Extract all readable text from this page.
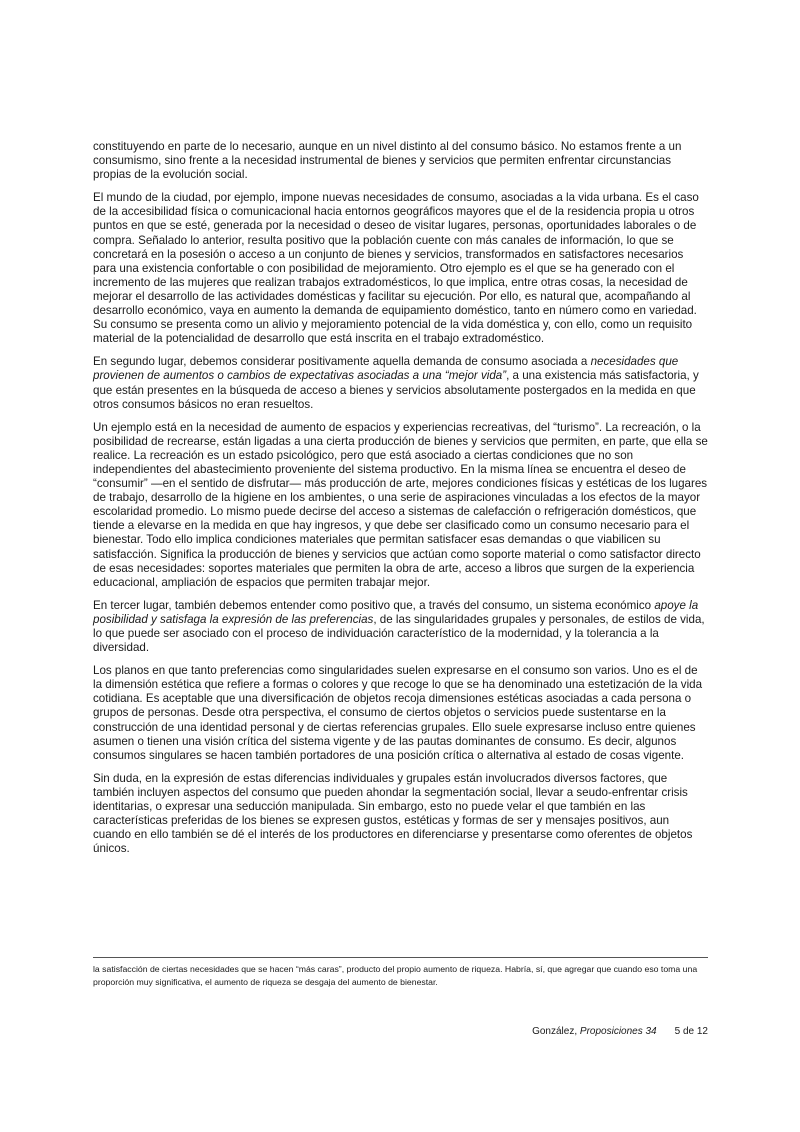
constituyendo en parte de lo necesario, aunque en un nivel distinto al del consumo básico. No estamos frente a un consumismo, sino frente a la necesidad instrumental de bienes y servicios que permiten enfrentar circunstancias propias de la evolución social.

El mundo de la ciudad, por ejemplo, impone nuevas necesidades de consumo, asociadas a la vida urbana. Es el caso de la accesibilidad física o comunicacional hacia entornos geográficos mayores que el de la residencia propia u otros puntos en que se esté, generada por la necesidad o deseo de visitar lugares, personas, oportunidades laborales o de compra. Señalado lo anterior, resulta positivo que la población cuente con más canales de información, lo que se concretará en la posesión o acceso a un conjunto de bienes y servicios, transformados en satisfactores necesarios para una existencia confortable o con posibilidad de mejoramiento. Otro ejemplo es el que se ha generado con el incremento de las mujeres que realizan trabajos extradomésticos, lo que implica, entre otras cosas, la necesidad de mejorar el desarrollo de las actividades domésticas y facilitar su ejecución. Por ello, es natural que, acompañando al desarrollo económico, vaya en aumento la demanda de equipamiento doméstico, tanto en número como en variedad. Su consumo se presenta como un alivio y mejoramiento potencial de la vida doméstica y, con ello, como un requisito material de la potencialidad de desarrollo que está inscrita en el trabajo extradoméstico.

En segundo lugar, debemos considerar positivamente aquella demanda de consumo asociada a necesidades que provienen de aumentos o cambios de expectativas asociadas a una “mejor vida”, a una existencia más satisfactoria, y que están presentes en la búsqueda de acceso a bienes y servicios absolutamente postergados en la medida en que otros consumos básicos no eran resueltos.

Un ejemplo está en la necesidad de aumento de espacios y experiencias recreativas, del “turismo”. La recreación, o la posibilidad de recrearse, están ligadas a una cierta producción de bienes y servicios que permiten, en parte, que ella se realice. La recreación es un estado psicológico, pero que está asociado a ciertas condiciones que no son independientes del abastecimiento proveniente del sistema productivo. En la misma línea se encuentra el deseo de “consumir” —en el sentido de disfrutar— más producción de arte, mejores condiciones físicas y estéticas de los lugares de trabajo, desarrollo de la higiene en los ambientes, o una serie de aspiraciones vinculadas a los efectos de la mayor escolaridad promedio. Lo mismo puede decirse del acceso a sistemas de calefacción o refrigeración domésticos, que tiende a elevarse en la medida en que hay ingresos, y que debe ser clasificado como un consumo necesario para el bienestar. Todo ello implica condiciones materiales que permitan satisfacer esas demandas o que viabilicen su satisfacción. Significa la producción de bienes y servicios que actúan como soporte material o como satisfactor directo de esas necesidades: soportes materiales que permiten la obra de arte, acceso a libros que surgen de la experiencia educacional, ampliación de espacios que permiten trabajar mejor.

En tercer lugar, también debemos entender como positivo que, a través del consumo, un sistema económico apoye la posibilidad y satisfaga la expresión de las preferencias, de las singularidades grupales y personales, de estilos de vida, lo que puede ser asociado con el proceso de individuación característico de la modernidad, y la tolerancia a la diversidad.

Los planos en que tanto preferencias como singularidades suelen expresarse en el consumo son varios. Uno es el de la dimensión estética que refiere a formas o colores y que recoge lo que se ha denominado una estetización de la vida cotidiana. Es aceptable que una diversificación de objetos recoja dimensiones estéticas asociadas a cada persona o grupos de personas. Desde otra perspectiva, el consumo de ciertos objetos o servicios puede sustentarse en la construcción de una identidad personal y de ciertas referencias grupales. Ello suele expresarse incluso entre quienes asumen o tienen una visión crítica del sistema vigente y de las pautas dominantes de consumo. Es decir, algunos consumos singulares se hacen también portadores de una posición crítica o alternativa al estado de cosas vigente.

Sin duda, en la expresión de estas diferencias individuales y grupales están involucrados diversos factores, que también incluyen aspectos del consumo que pueden ahondar la segmentación social, llevar a seudo-enfrentar crisis identitarias, o expresar una seducción manipulada. Sin embargo, esto no puede velar el que también en las características preferidas de los bienes se expresen gustos, estéticas y formas de ser y mensajes positivos, aun cuando en ello también se dé el interés de los productores en diferenciarse y presentarse como oferentes de objetos únicos.

la satisfacción de ciertas necesidades que se hacen “más caras”, producto del propio aumento de riqueza. Habría, sí, que agregar que cuando eso toma una proporción muy significativa, el aumento de riqueza se desgaja del aumento de bienestar.
González, Proposiciones 34 5 de 12
